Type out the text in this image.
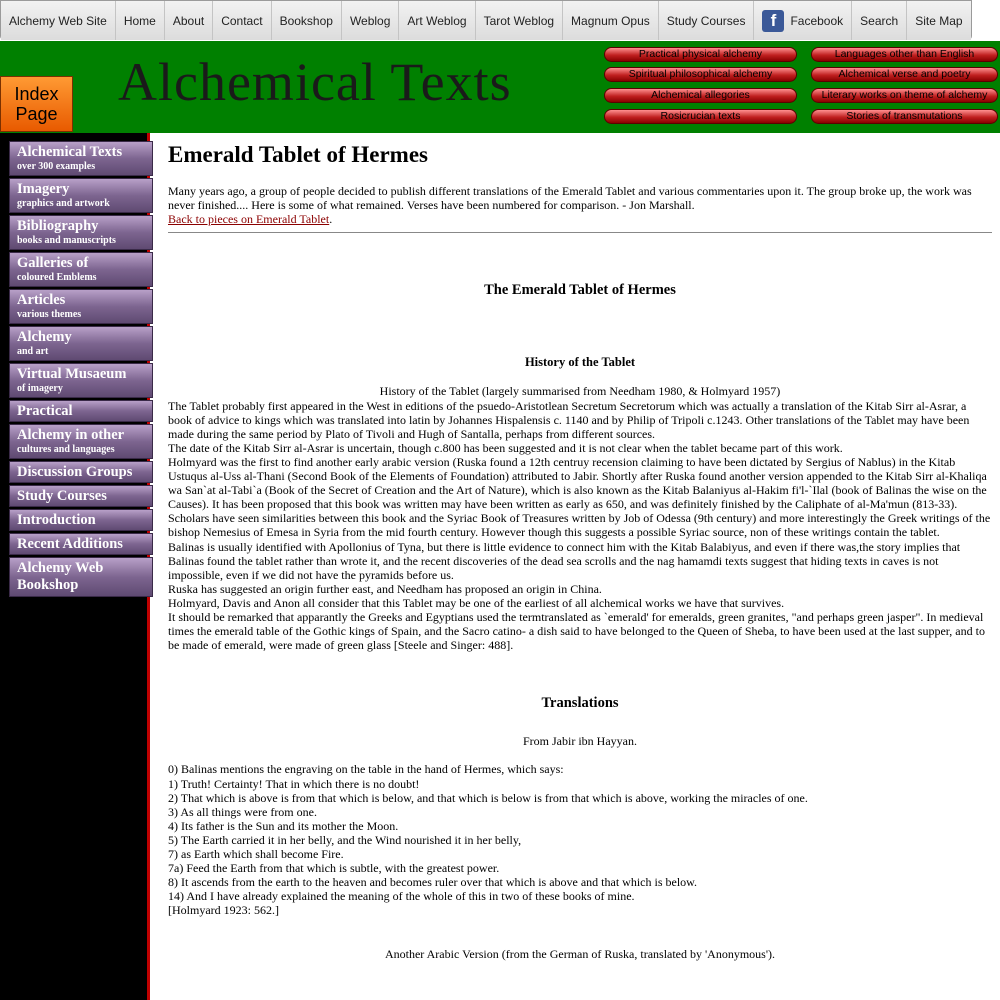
Alchemy Web Site	Home	About	Contact	Bookshop	Weblog	Art Weblog	Tarot Weblog	Magnum Opus	Study Courses	f	Facebook	Search	Site Map
Index
Page
Alchemical Texts	Practical physical alchemy
Spiritual philosophical alchemy
Alchemical allegories
Rosicrucian texts
Languages other than English
Alchemical verse and poetry
Literary works on theme of alchemy
Stories of transmutations
Alchemical Texts
over 300 examples
Imagery
graphics and artwork
Bibliography
books and manuscripts
Galleries of
coloured Emblems
Articles
various themes
Alchemy
and art
Virtual Musaeum
of imagery
Practical
Alchemy in other
cultures and languages
Discussion Groups
Study Courses
Introduction
Recent Additions
Alchemy Web Bookshop
Emerald Tablet of Hermes

Many years ago, a group of people decided to publish different translations of the Emerald Tablet and various commentaries upon it. The group broke up, the work was never finished.... Here is some of what remained. Verses have been numbered for comparison. - Jon Marshall.

Back to pieces on Emerald Tablet.

The Emerald Tablet of Hermes
History of the Tablet

History of the Tablet (largely summarised from Needham 1980, & Holmyard 1957)

The Tablet probably first appeared in the West in editions of the psuedo-Aristotlean Secretum Secretorum which was actually a translation of the Kitab Sirr al-Asrar, a book of advice to kings which was translated into latin by Johannes Hispalensis c. 1140 and by Philip of Tripoli c.1243. Other translations of the Tablet may have been made during the same period by Plato of Tivoli and Hugh of Santalla, perhaps from different sources.

The date of the Kitab Sirr al-Asrar is uncertain, though c.800 has been suggested and it is not clear when the tablet became part of this work.

Holmyard was the first to find another early arabic version (Ruska found a 12th centruy recension claiming to have been dictated by Sergius of Nablus) in the Kitab Ustuqus al-Uss al-Thani (Second Book of the Elements of Foundation) attributed to Jabir. Shortly after Ruska found another version appended to the Kitab Sirr al-Khaliqa wa San`at al-Tabi`a (Book of the Secret of Creation and the Art of Nature), which is also known as the Kitab Balaniyus al-Hakim fi'l-`Ilal (book of Balinas the wise on the Causes). It has been proposed that this book was written may have been written as early as 650, and was definitely finished by the Caliphate of al-Ma'mun (813-33).

Scholars have seen similarities between this book and the Syriac Book of Treasures written by Job of Odessa (9th century) and more interestingly the Greek writings of the bishop Nemesius of Emesa in Syria from the mid fourth century. However though this suggests a possible Syriac source, non of these writings contain the tablet.

Balinas is usually identified with Apollonius of Tyna, but there is little evidence to connect him with the Kitab Balabiyus, and even if there was,the story implies that Balinas found the tablet rather than wrote it, and the recent discoveries of the dead sea scrolls and the nag hamamdi texts suggest that hiding texts in caves is not impossible, even if we did not have the pyramids before us.

Ruska has suggested an origin further east, and Needham has proposed an origin in China.

Holmyard, Davis and Anon all consider that this Tablet may be one of the earliest of all alchemical works we have that survives.

It should be remarked that apparantly the Greeks and Egyptians used the termtranslated as `emerald' for emeralds, green granites, "and perhaps green jasper". In medieval times the emerald table of the Gothic kings of Spain, and the Sacro catino- a dish said to have belonged to the Queen of Sheba, to have been used at the last supper, and to be made of emerald, were made of green glass [Steele and Singer: 488].

Translations

From Jabir ibn Hayyan.

0) Balinas mentions the engraving on the table in the hand of Hermes, which says:

1) Truth! Certainty! That in which there is no doubt!

2) That which is above is from that which is below, and that which is below is from that which is above, working the miracles of one.

3) As all things were from one.

4) Its father is the Sun and its mother the Moon.

5) The Earth carried it in her belly, and the Wind nourished it in her belly,

7) as Earth which shall become Fire.

7a) Feed the Earth from that which is subtle, with the greatest power.

8) It ascends from the earth to the heaven and becomes ruler over that which is above and that which is below.

14) And I have already explained the meaning of the whole of this in two of these books of mine.

[Holmyard 1923: 562.]

Another Arabic Version (from the German of Ruska, translated by 'Anonymous').
